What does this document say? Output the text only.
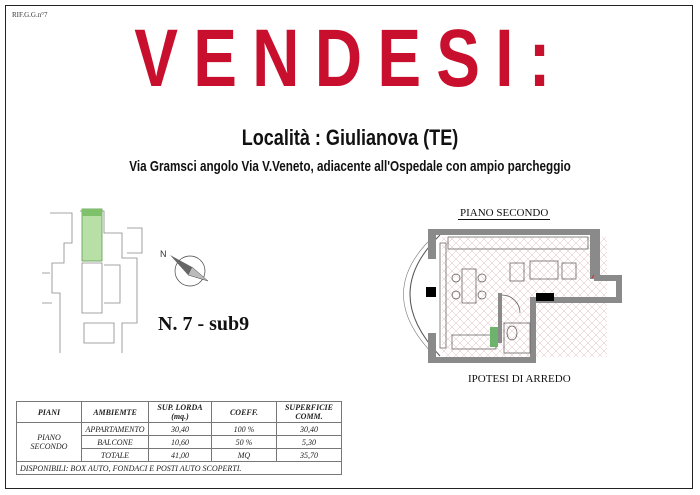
RIF.G.G.n°7	VENDESI:
Località : Giulianova (TE)
Via Gramsci angolo Via V.Veneto, adiacente all'Ospedale con ampio parcheggio
N
N. 7 - sub9
PIANO SECONDO
IPOTESI DI ARREDO
PIANI	AMBIEMTE	SUP. LORDA (mq.)	COEFF.	SUPERFICIE COMM.
PIANO SECONDO	APPARTAMENTO	30,40	100 %	30,40
	BALCONE	10,60	50 %	5,30
	TOTALE	41,00	MQ	35,70
DISPONIBILI: BOX AUTO, FONDACI E POSTI AUTO SCOPERTI.				
